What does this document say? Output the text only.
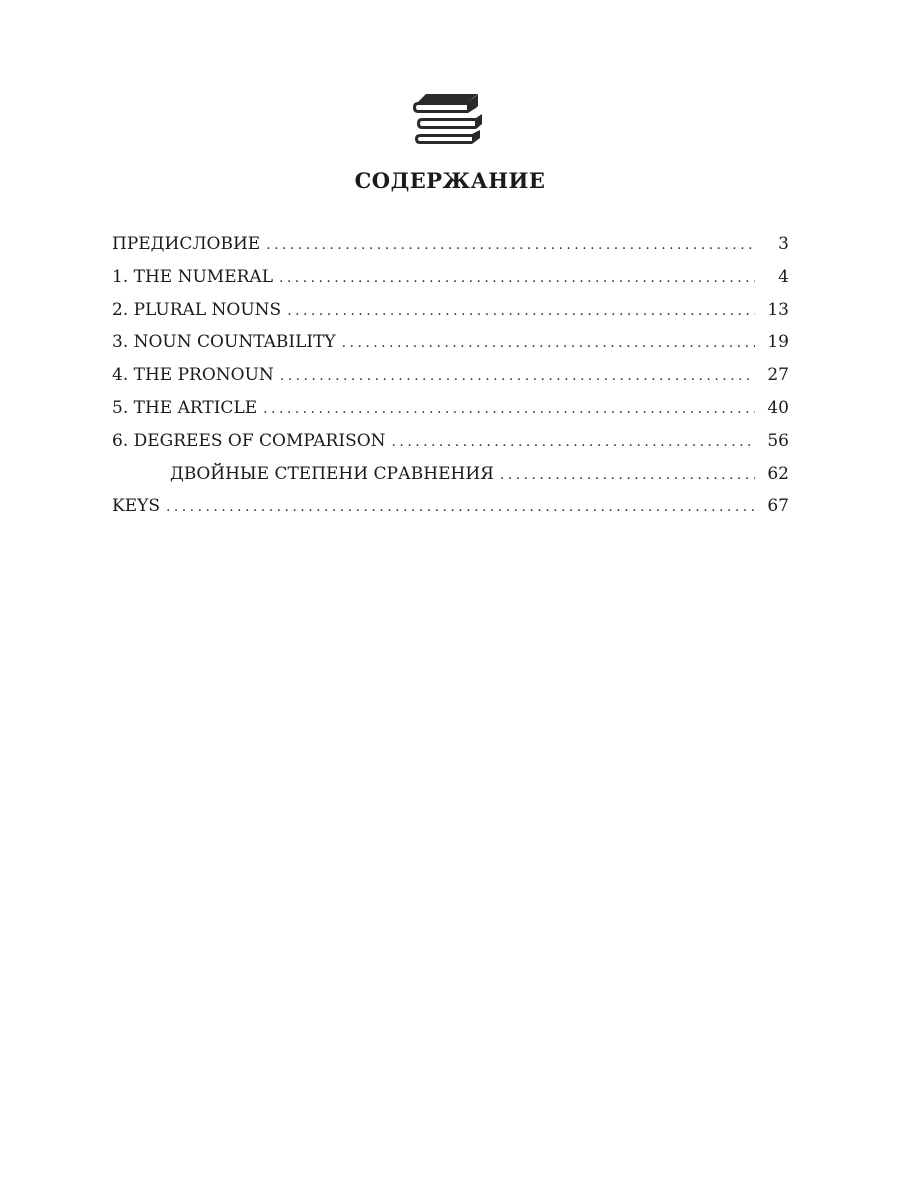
СОДЕРЖАНИЕ
ПРЕДИСЛОВИЕ . . .	3
1. THE NUMERAL . . .	4
2. PLURAL NOUNS . . .	13
3. NOUN COUNTABILITY . . .	19
4. THE PRONOUN . . .	27
5. THE ARTICLE . . .	40
6. DEGREES OF COMPARISON . . .	56
ДВОЙНЫЕ СТЕПЕНИ СРАВНЕНИЯ . . .	62
KEYS . . .	67
